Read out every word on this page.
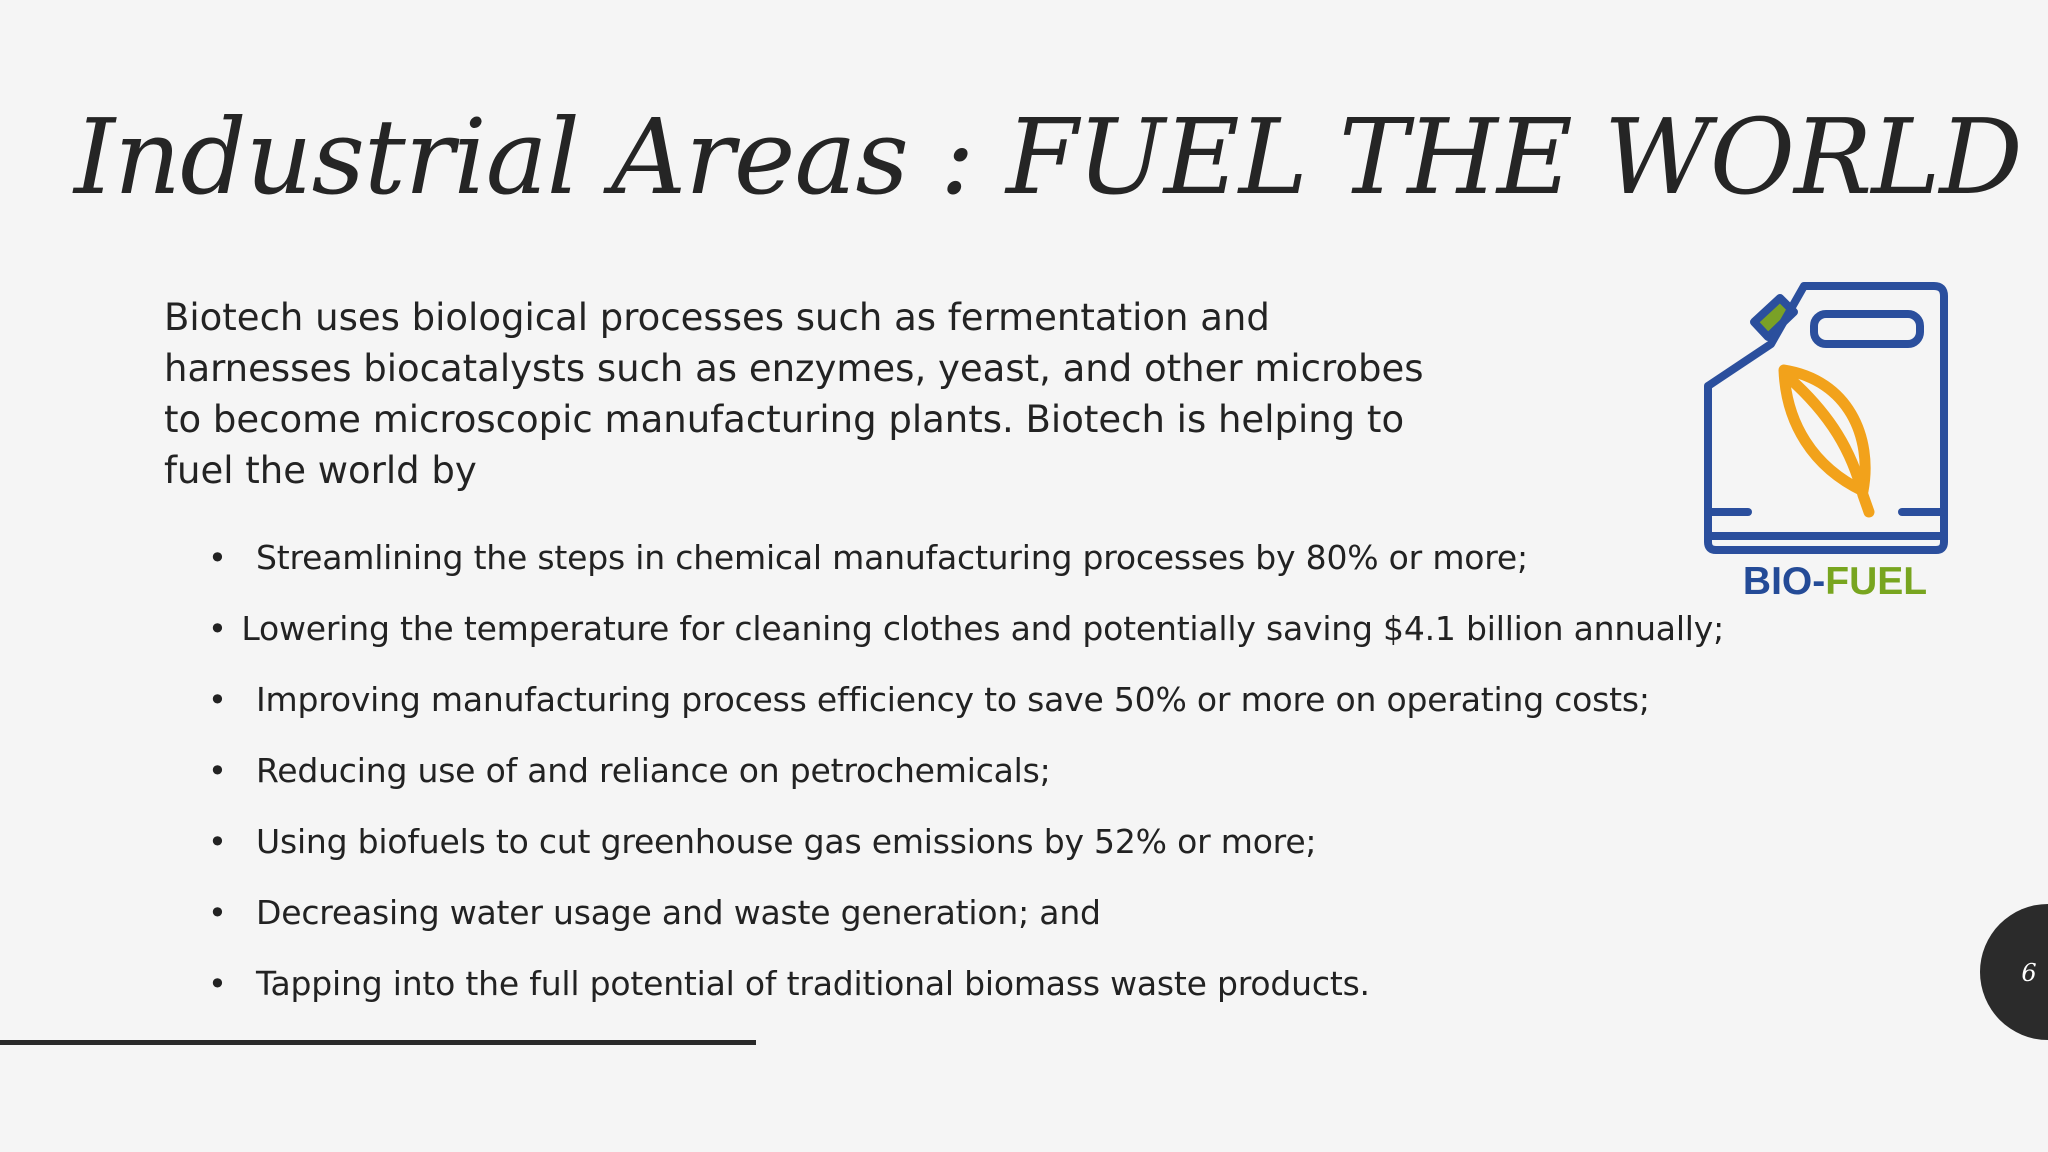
Industrial Areas : FUEL THE WORLD

Biotech uses biological processes such as fermentation and harnesses biocatalysts such as enzymes, yeast, and other microbes to become microscopic manufacturing plants. Biotech is helping to fuel the world by

• Streamlining the steps in chemical manufacturing processes by 80% or more;
• Lowering the temperature for cleaning clothes and potentially saving $4.1 billion annually;
• Improving manufacturing process efficiency to save 50% or more on operating costs;
• Reducing use of and reliance on petrochemicals;
• Using biofuels to cut greenhouse gas emissions by 52% or more;
• Decreasing water usage and waste generation; and
• Tapping into the full potential of traditional biomass waste products.
BIO-FUEL
6
